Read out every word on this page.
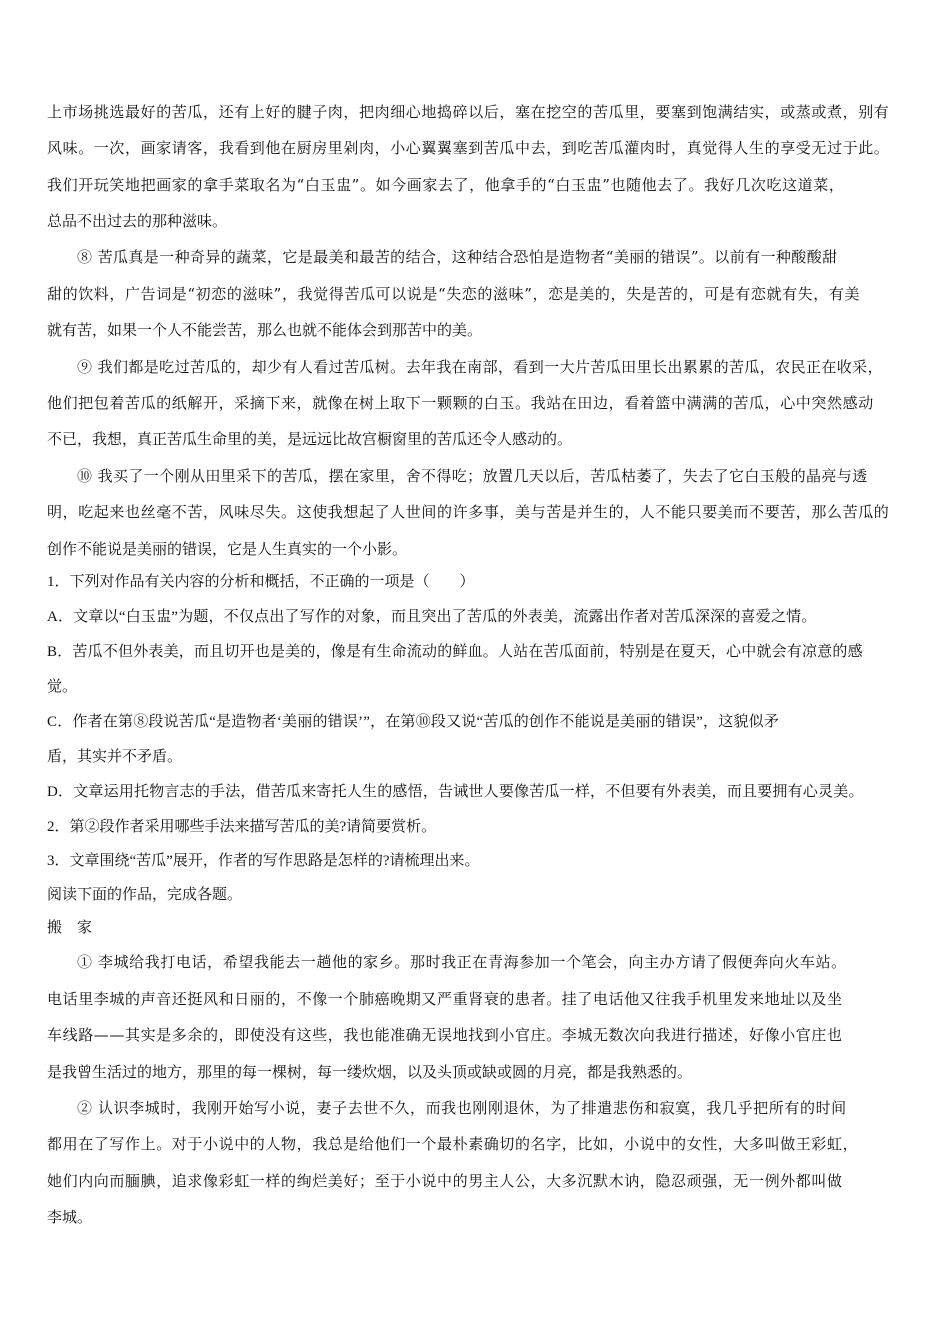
上市场挑选最好的苦瓜，还有上好的腱子肉，把肉细心地捣碎以后，塞在挖空的苦瓜里，要塞到饱满结实，或蒸或煮，别有
风味。一次，画家请客，我看到他在厨房里剁肉，小心翼翼塞到苦瓜中去，到吃苦瓜灌肉时，真觉得人生的享受无过于此。
我们开玩笑地把画家的拿手菜取名为“白玉盅”。如今画家去了，他拿手的“白玉盅”也随他去了。我好几次吃这道菜，
总品不出过去的那种滋味。
⑧ 苦瓜真是一种奇异的蔬菜，它是最美和最苦的结合，这种结合恐怕是造物者“美丽的错误”。以前有一种酸酸甜
甜的饮料，广告词是“初恋的滋味”，我觉得苦瓜可以说是“失恋的滋味”，恋是美的，失是苦的，可是有恋就有失，有美
就有苦，如果一个人不能尝苦，那么也就不能体会到那苦中的美。
⑨ 我们都是吃过苦瓜的，却少有人看过苦瓜树。去年我在南部，看到一大片苦瓜田里长出累累的苦瓜，农民正在收采，
他们把包着苦瓜的纸解开，采摘下来，就像在树上取下一颗颗的白玉。我站在田边，看着篮中满满的苦瓜，心中突然感动
不已，我想，真正苦瓜生命里的美，是远远比故宫橱窗里的苦瓜还令人感动的。
⑩ 我买了一个刚从田里采下的苦瓜，摆在家里，舍不得吃；放置几天以后，苦瓜枯萎了，失去了它白玉般的晶亮与透
明，吃起来也丝毫不苦，风味尽失。这使我想起了人世间的许多事，美与苦是并生的，人不能只要美而不要苦，那么苦瓜的
创作不能说是美丽的错误，它是人生真实的一个小影。
1．下列对作品有关内容的分析和概括，不正确的一项是（　　）
A．文章以“白玉盅”为题，不仅点出了写作的对象，而且突出了苦瓜的外表美，流露出作者对苦瓜深深的喜爱之情。
B．苦瓜不但外表美，而且切开也是美的，像是有生命流动的鲜血。人站在苦瓜面前，特别是在夏天，心中就会有凉意的感
觉。
C．作者在第⑧段说苦瓜“是造物者‘美丽的错误’”，在第⑩段又说“苦瓜的创作不能说是美丽的错误”，这貌似矛
盾，其实并不矛盾。
D．文章运用托物言志的手法，借苦瓜来寄托人生的感悟，告诫世人要像苦瓜一样，不但要有外表美，而且要拥有心灵美。
2．第②段作者采用哪些手法来描写苦瓜的美?请简要赏析。
3．文章围绕“苦瓜”展开，作者的写作思路是怎样的?请梳理出来。
阅读下面的作品，完成各题。
搬　家
① 李城给我打电话，希望我能去一趟他的家乡。那时我正在青海参加一个笔会，向主办方请了假便奔向火车站。
电话里李城的声音还挺风和日丽的，不像一个肺癌晚期又严重肾衰的患者。挂了电话他又往我手机里发来地址以及坐
车线路——其实是多余的，即使没有这些，我也能准确无误地找到小官庄。李城无数次向我进行描述，好像小官庄也
是我曾生活过的地方，那里的每一棵树，每一缕炊烟，以及头顶或缺或圆的月亮，都是我熟悉的。
② 认识李城时，我刚开始写小说，妻子去世不久，而我也刚刚退休，为了排遣悲伤和寂寞，我几乎把所有的时间
都用在了写作上。对于小说中的人物，我总是给他们一个最朴素确切的名字，比如，小说中的女性，大多叫做王彩虹，
她们内向而腼腆，追求像彩虹一样的绚烂美好；至于小说中的男主人公，大多沉默木讷，隐忍顽强，无一例外都叫做
李城。
